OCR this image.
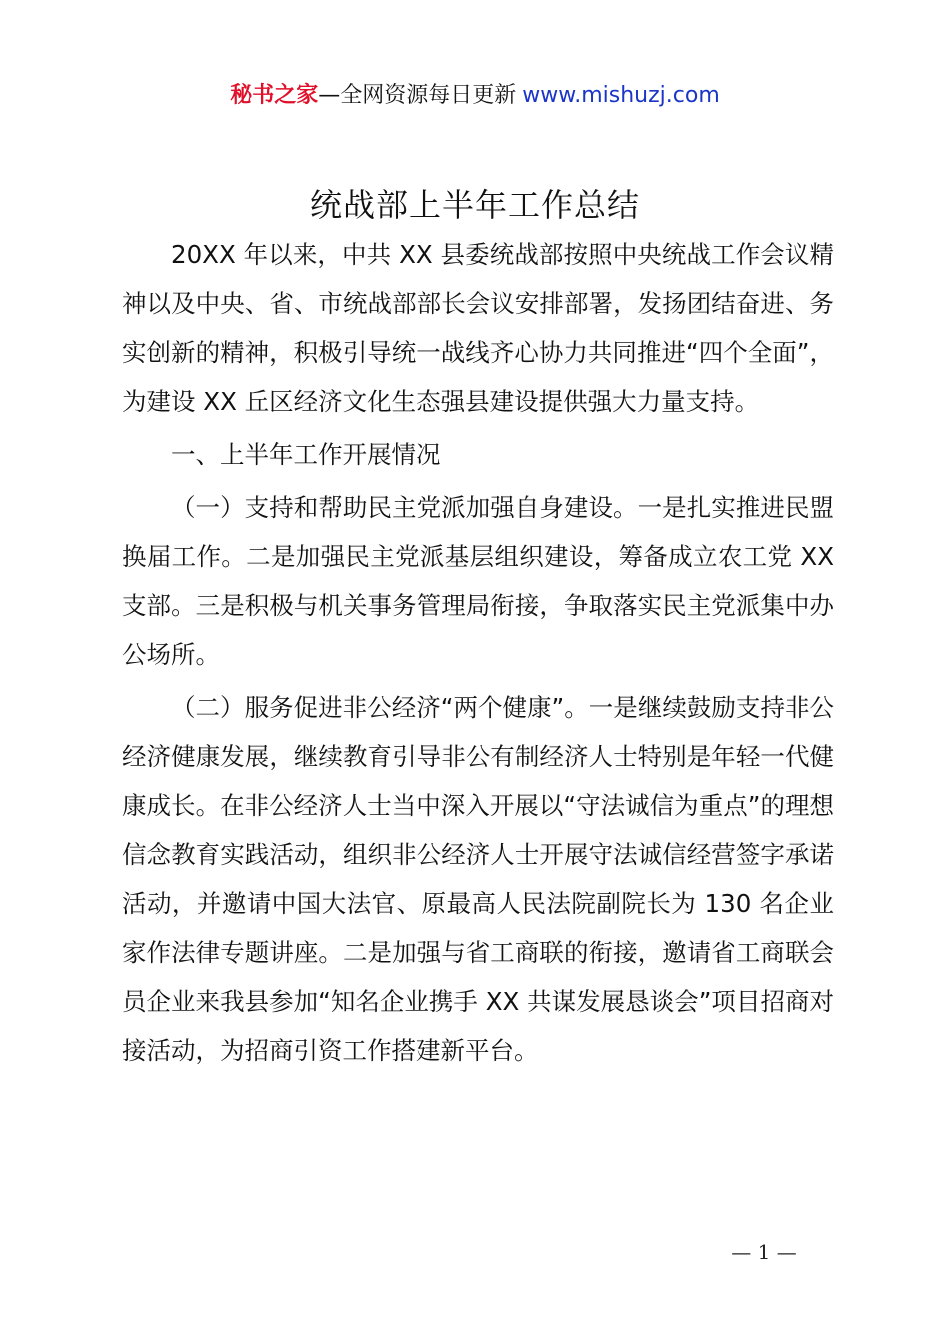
秘书之家—全网资源每日更新 www.mishuzj.com
统战部上半年工作总结

20XX 年以来，中共 XX 县委统战部按照中央统战工作会议精神以及中央、省、市统战部部长会议安排部署，发扬团结奋进、务实创新的精神，积极引导统一战线齐心协力共同推进“四个全面”，为建设 XX 丘区经济文化生态强县建设提供强大力量支持。

一、上半年工作开展情况

（一）支持和帮助民主党派加强自身建设。一是扎实推进民盟换届工作。二是加强民主党派基层组织建设，筹备成立农工党 XX 支部。三是积极与机关事务管理局衔接，争取落实民主党派集中办公场所。

（二）服务促进非公经济“两个健康”。一是继续鼓励支持非公经济健康发展，继续教育引导非公有制经济人士特别是年轻一代健康成长。在非公经济人士当中深入开展以“守法诚信为重点”的理想信念教育实践活动，组织非公经济人士开展守法诚信经营签字承诺活动，并邀请中国大法官、原最高人民法院副院长为 130 名企业家作法律专题讲座。二是加强与省工商联的衔接，邀请省工商联会员企业来我县参加“知名企业携手 XX 共谋发展恳谈会”项目招商对接活动，为招商引资工作搭建新平台。

— 1 —
